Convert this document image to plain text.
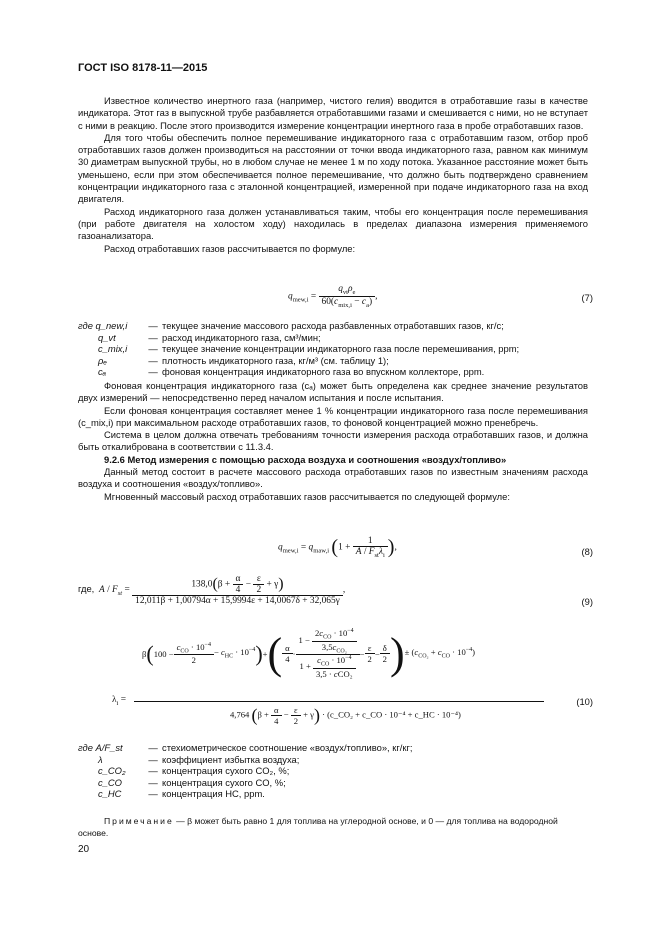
ГОСТ ISO 8178-11—2015

Известное количество инертного газа (например, чистого гелия) вводится в отработавшие газы в качестве индикатора. Этот газ в выпускной трубе разбавляется отработавшими газами и смешивается с ними, но не вступает с ними в реакцию. После этого производится измерение концентрации инертного газа в пробе отработавших газов.

Для того чтобы обеспечить полное перемешивание индикаторного газа с отработавшим газом, отбор проб отработавших газов должен производиться на расстоянии от точки ввода индикаторного газа, равном как минимум 30 диаметрам выпускной трубы, но в любом случае не менее 1 м по ходу потока. Указанное расстояние может быть уменьшено, если при этом обеспечивается полное перемешивание, что должно быть подтверждено сравнением концентрации индикаторного газа с эталонной концентрацией, измеренной при подаче индикаторного газа на вход двигателя.

Расход индикаторного газа должен устанавливаться таким, чтобы его концентрация после перемешивания (при работе двигателя на холостом ходу) находилась в пределах диапазона измерения применяемого газоанализатора.

Расход отработавших газов рассчитывается по формуле:

$q_{mew,i} = \frac{q_{vt}\rho_e}{60(c_{mix,i} - c_a)}$ ,	(7)
где q_new,i	— текущее значение массового расхода разбавленных отработавших газов, кг/с;
q_vt	— расход индикаторного газа, см³/мин;
c_mix,i	— текущее значение концентрации индикаторного газа после перемешивания, ppm;
ρₑ	— плотность индикаторного газа, кг/м³ (см. таблицу 1);
cₐ	— фоновая концентрация индикаторного газа во впускном коллекторе, ppm.

Фоновая концентрация индикаторного газа (cₐ) может быть определена как среднее значение результатов двух измерений — непосредственно перед началом испытания и после испытания.

Если фоновая концентрация составляет менее 1 % концентрации индикаторного газа после перемешивания (c_mix,i) при максимальном расходе отработавших газов, то фоновой концентрацией можно пренебречь.

Система в целом должна отвечать требованиям точности измерения расхода отработавших газов, и должна быть откалибрована в соответствии с 11.3.4.

9.2.6 Метод измерения с помощью расхода воздуха и соотношения «воздух/топливо»

Данный метод состоит в расчете массового расхода отработавших газов по известным значениям расхода воздуха и соотношения «воздух/топливо».

Мгновенный массовый расход отработавших газов рассчитывается по следующей формуле:

$q_{mew,i} = q_{maw,i}$ ($1 + \frac{1}{A / F_{st}\lambda_i}$ ),	(8)
где,  $A / F_{st} = \frac{138,0(\beta + \frac{\alpha}{4} - \frac{\varepsilon}{2} + \gamma)}{12,011\beta + 1,00794\alpha + 15,9994\varepsilon + 14,0067\delta + 32,065\gamma}$ ,
(9)
β ( $100 - \frac{c_{CO} \cdot 10^{-4}}{2} - c_{HC} \cdot 10^{-4}$ ) + ( $\frac{\alpha}{4} \cdot \frac{1 - \frac{2c_{CO} \cdot 10^{-4}}{3,5c_{CO_2}}}{1 + \frac{c_{CO} \cdot 10^{-4}}{\text{3,5 · cCO₂}}} - \frac{\varepsilon}{2} - \frac{\delta}{2}$ ) ± $(c_{CO_2} + c_{CO} \cdot 10^{-4})$
$\lambda_i$ =
4,764 $(\beta + \frac{\alpha}{4} - \frac{\varepsilon}{2} + \gamma)$ · (c_CO₂ + c_CO · 10⁻⁴ + c_HC · 10⁻⁴)
(10)
где A/F_st	— стехиометрическое соотношение «воздух/топливо», кг/кг;
λ	— коэффициент избытка воздуха;
c_CO₂	— концентрация сухого CO₂, %;
c_CO	— концентрация сухого CO, %;
c_HC	— концентрация HC, ppm.
Примечание — β может быть равно 1 для топлива на углеродной основе, и 0 — для топлива на водородной основе.
20
